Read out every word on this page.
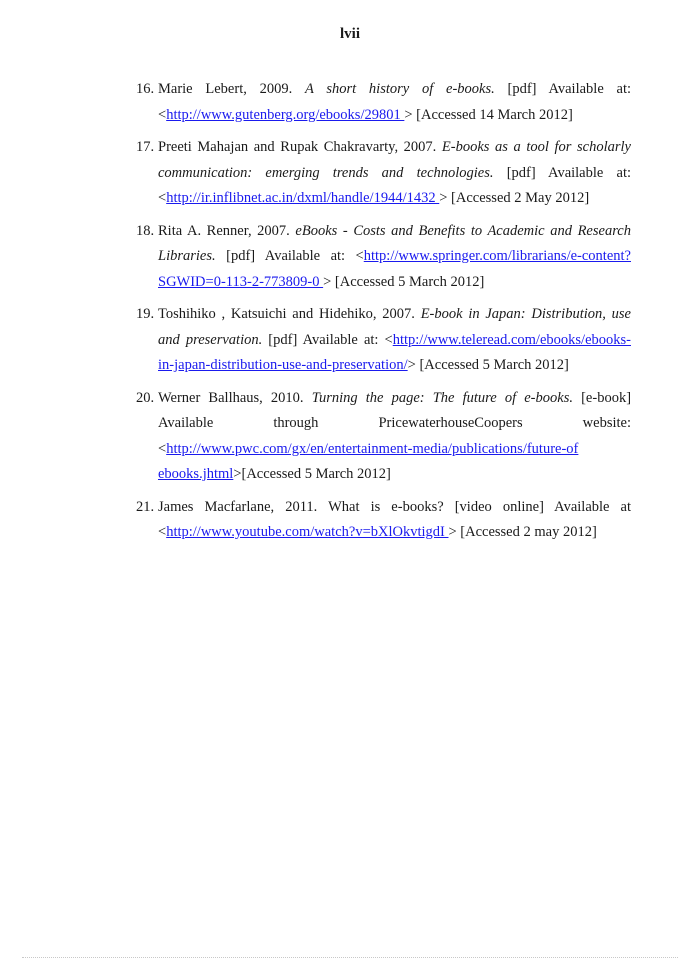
lvii
16. Marie Lebert, 2009. A short history of e-books. [pdf] Available at: <http://www.gutenberg.org/ebooks/29801 > [Accessed 14 March 2012]
17. Preeti Mahajan and Rupak Chakravarty, 2007. E-books as a tool for scholarly communication: emerging trends and technologies. [pdf] Available at: <http://ir.inflibnet.ac.in/dxml/handle/1944/1432 > [Accessed 2 May 2012]
18. Rita A. Renner, 2007. eBooks - Costs and Benefits to Academic and Research Libraries. [pdf] Available at: <http://www.springer.com/librarians/e-content?SGWID=0-113-2-773809-0 > [Accessed 5 March 2012]
19. Toshihiko , Katsuichi and Hidehiko, 2007. E-book in Japan: Distribution, use and preservation. [pdf] Available at: <http://www.teleread.com/ebooks/ebooks-in-japan-distribution-use-and-preservation/> [Accessed 5 March 2012]
20. Werner Ballhaus, 2010. Turning the page: The future of e-books. [e-book] Available through PricewaterhouseCoopers website: <http://www.pwc.com/gx/en/entertainment-media/publications/future-of ebooks.jhtml>[Accessed 5 March 2012]
21. James Macfarlane, 2011. What is e-books? [video online] Available at <http://www.youtube.com/watch?v=bXlOkvtigdI > [Accessed 2 may 2012]
